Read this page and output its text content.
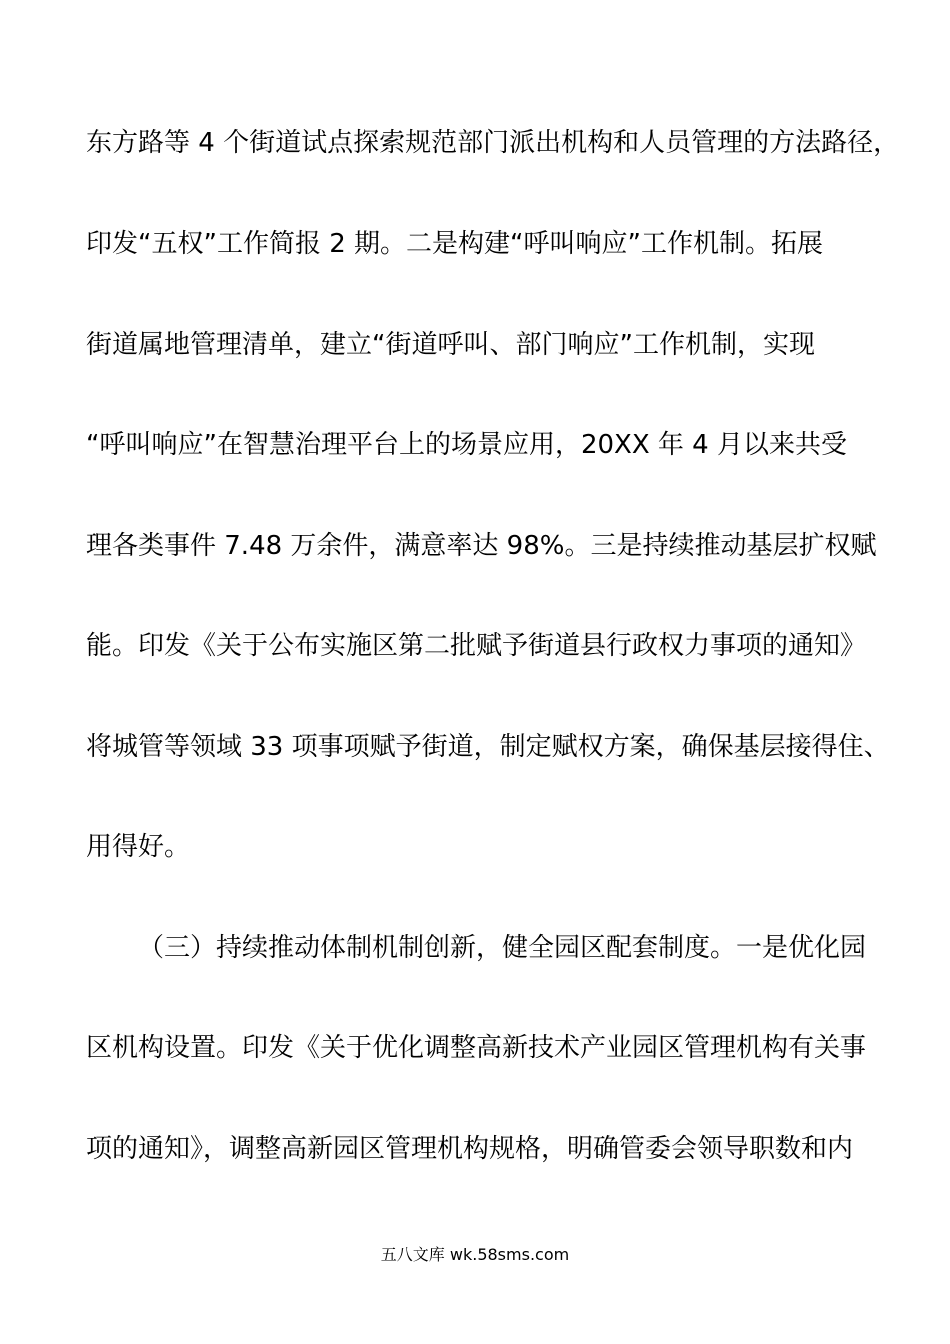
东方路等 4 个街道试点探索规范部门派出机构和人员管理的方法路径，
印发“五权”工作简报 2 期。二是构建“呼叫响应”工作机制。拓展
街道属地管理清单，建立“街道呼叫、部门响应”工作机制，实现
“呼叫响应”在智慧治理平台上的场景应用，20XX 年 4 月以来共受
理各类事件 7.48 万余件，满意率达 98%。三是持续推动基层扩权赋
能。印发《关于公布实施区第二批赋予街道县行政权力事项的通知》
将城管等领域 33 项事项赋予街道，制定赋权方案，确保基层接得住、
用得好。
（三）持续推动体制机制创新，健全园区配套制度。一是优化园
区机构设置。印发《关于优化调整高新技术产业园区管理机构有关事
项的通知》，调整高新园区管理机构规格，明确管委会领导职数和内
五八文库 wk.58sms.com
